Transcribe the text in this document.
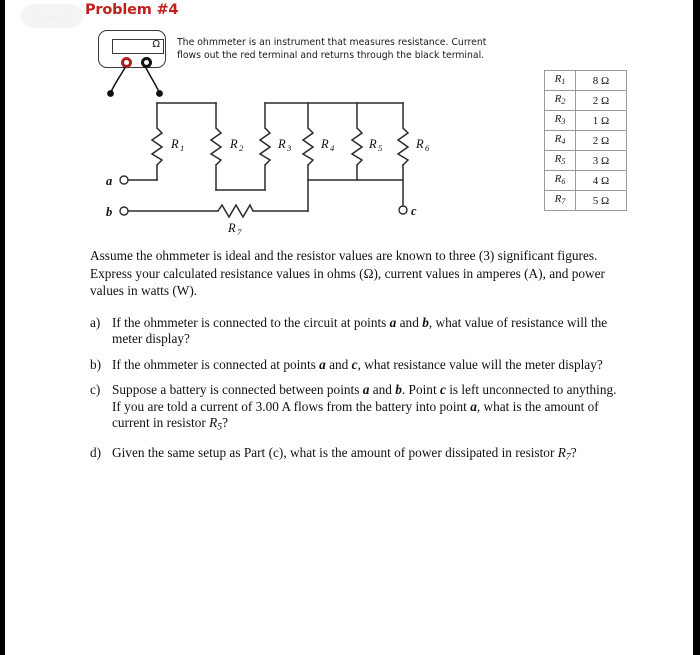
١ من ٧	Problem #4
Ω The ohmmeter is an instrument that measures resistance. Current flows out the red terminal and returns through the black terminal.
R 1	R 2	R 3 R 4	R 5	R 6
R 7
a
b	c
$R_1$	8 Ω
$R_2$	2 Ω
$R_3$	1 Ω
$R_4$	2 Ω
$R_5$	3 Ω
$R_6$	4 Ω
$R_7$	5 Ω
Assume the ohmmeter is ideal and the resistor values are known to three (3) significant figures. Express your calculated resistance values in ohms (Ω), current values in amperes (A), and power values in watts (W).
a) If the ohmmeter is connected to the circuit at points a and b, what value of resistance will the meter display?
b) If the ohmmeter is connected at points a and c, what resistance value will the meter display?
c) Suppose a battery is connected between points a and b. Point c is left unconnected to anything. If you are told a current of 3.00 A flows from the battery into point a, what is the amount of current in resistor $R_5$?
d) Given the same setup as Part (c), what is the amount of power dissipated in resistor $R_7$?
